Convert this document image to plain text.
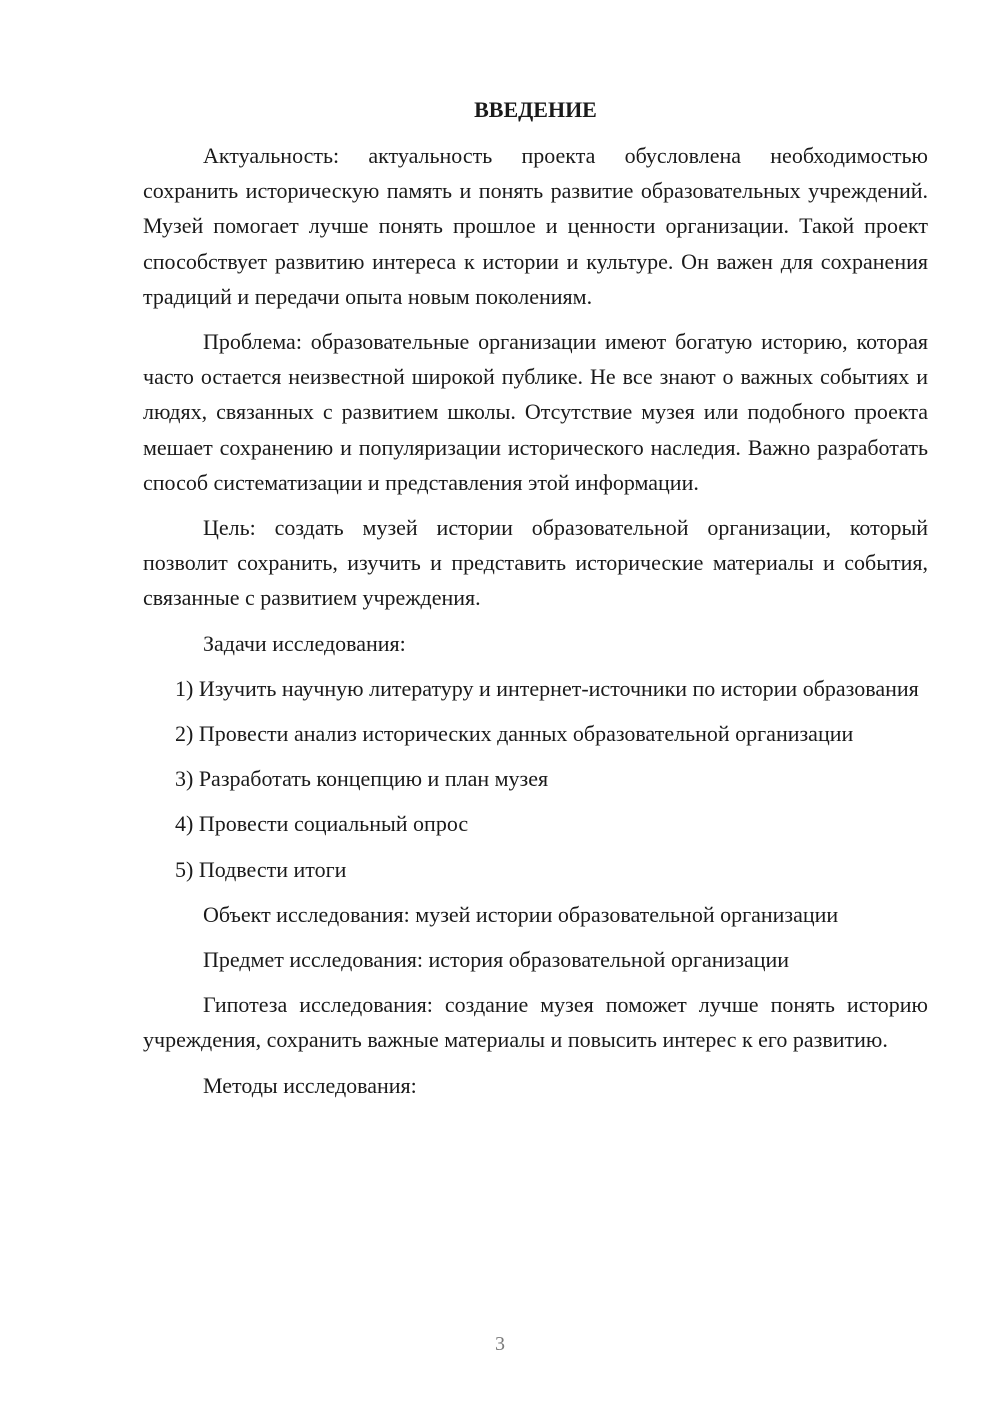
ВВЕДЕНИЕ

Актуальность: актуальность проекта обусловлена необходимостью сохранить историческую память и понять развитие образовательных учреждений. Музей помогает лучше понять прошлое и ценности организации. Такой проект способствует развитию интереса к истории и культуре. Он важен для сохранения традиций и передачи опыта новым поколениям.

Проблема: образовательные организации имеют богатую историю, которая часто остается неизвестной широкой публике. Не все знают о важных событиях и людях, связанных с развитием школы. Отсутствие музея или подобного проекта мешает сохранению и популяризации исторического наследия. Важно разработать способ систематизации и представления этой информации.

Цель: создать музей истории образовательной организации, который позволит сохранить, изучить и представить исторические материалы и события, связанные с развитием учреждения.

Задачи исследования:

1) Изучить научную литературу и интернет-источники по истории образования

2) Провести анализ исторических данных образовательной организации

3) Разработать концепцию и план музея

4) Провести социальный опрос

5) Подвести итоги

Объект исследования: музей истории образовательной организации

Предмет исследования: история образовательной организации

Гипотеза исследования: создание музея поможет лучше понять историю учреждения, сохранить важные материалы и повысить интерес к его развитию.

Методы исследования:

3
